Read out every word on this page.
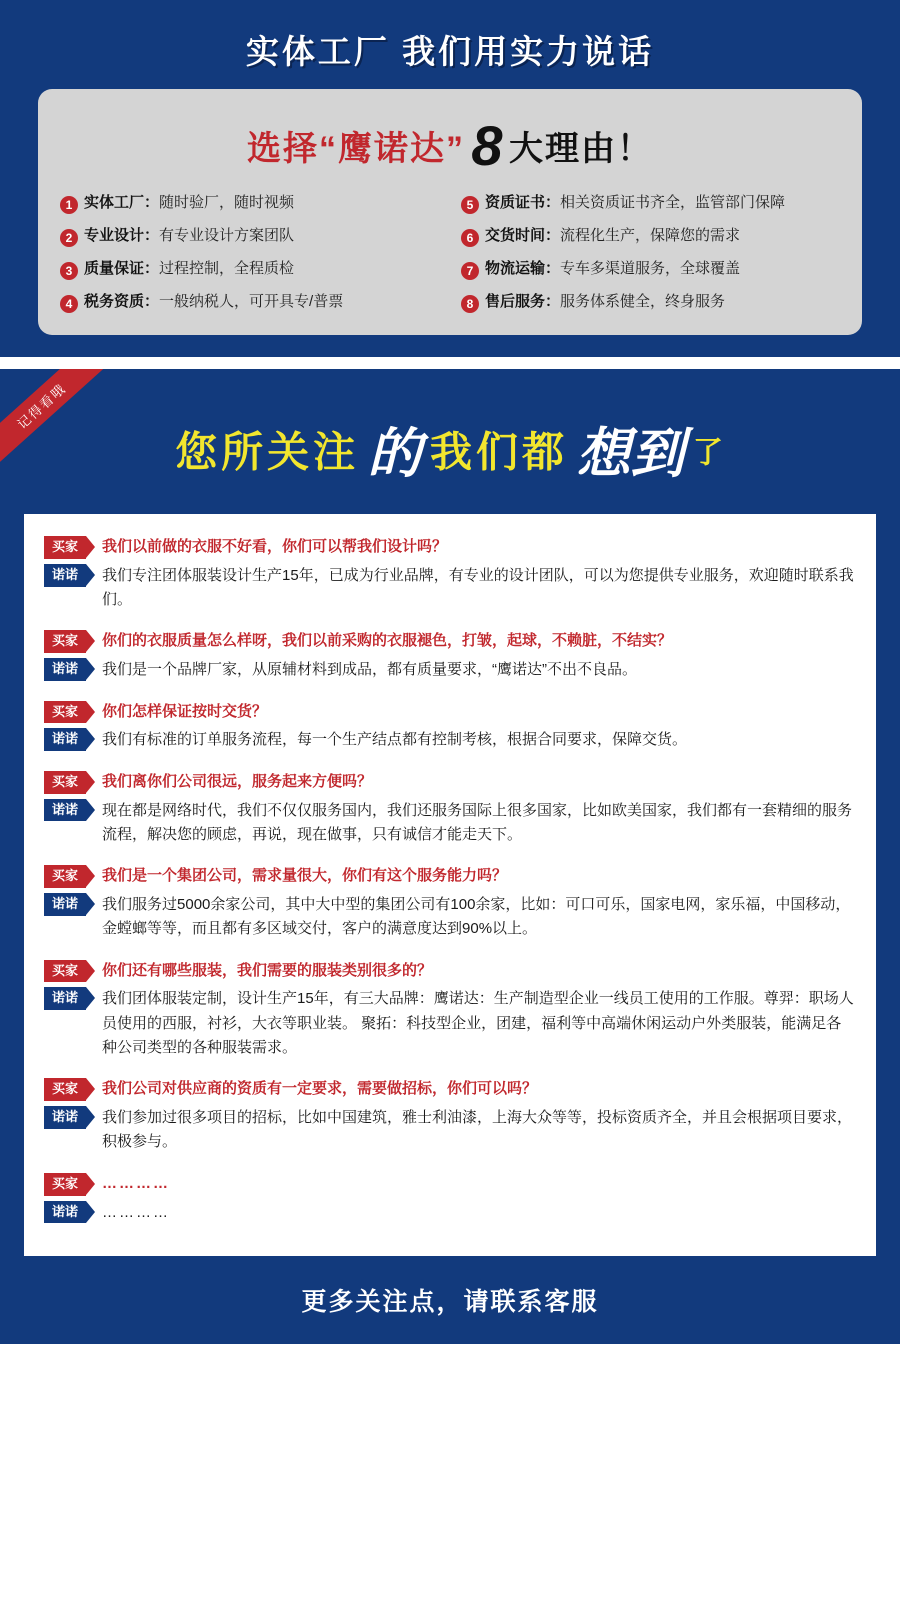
实体工厂 我们用实力说话
选择“鹰诺达” 8 大理由！
1 实体工厂：随时验厂，随时视频	5 资质证书：相关资质证书齐全，监管部门保障
2 专业设计：有专业设计方案团队	6 交货时间：流程化生产，保障您的需求
3 质量保证：过程控制，全程质检	7 物流运输：专车多渠道服务，全球覆盖
4 税务资质：一般纳税人，可开具专/普票	8 售后服务：服务体系健全，终身服务
记得看哦
您所关注 的 我们都 想到 了
买家	我们以前做的衣服不好看，你们可以帮我们设计吗？
诺诺	我们专注团体服装设计生产15年，已成为行业品牌，有专业的设计团队，可以为您提供专业服务，欢迎随时联系我们。
买家	你们的衣服质量怎么样呀，我们以前采购的衣服褪色，打皱，起球，不赖脏，不结实？
诺诺	我们是一个品牌厂家，从原辅材料到成品，都有质量要求，“鹰诺达”不出不良品。
买家	你们怎样保证按时交货？
诺诺	我们有标准的订单服务流程，每一个生产结点都有控制考核，根据合同要求，保障交货。
买家	我们离你们公司很远，服务起来方便吗？
诺诺	现在都是网络时代，我们不仅仅服务国内，我们还服务国际上很多国家，比如欧美国家，我们都有一套精细的服务流程，解决您的顾虑，再说，现在做事，只有诚信才能走天下。
买家	我们是一个集团公司，需求量很大，你们有这个服务能力吗？
诺诺	我们服务过5000余家公司，其中大中型的集团公司有100余家，比如：可口可乐，国家电网，家乐福，中国移动，金螳螂等等，而且都有多区域交付，客户的满意度达到90%以上。
买家	你们还有哪些服装，我们需要的服装类别很多的？
诺诺	我们团体服装定制，设计生产15年，有三大品牌：鹰诺达：生产制造型企业一线员工使用的工作服。尊羿：职场人员使用的西服，衬衫，大衣等职业装。 聚拓：科技型企业，团建，福利等中高端休闲运动户外类服装，能满足各种公司类型的各种服装需求。
买家	我们公司对供应商的资质有一定要求，需要做招标，你们可以吗？
诺诺	我们参加过很多项目的招标，比如中国建筑，雅士利油漆，上海大众等等，投标资质齐全，并且会根据项目要求，积极参与。
买家	…………
诺诺	…………
更多关注点，请联系客服
